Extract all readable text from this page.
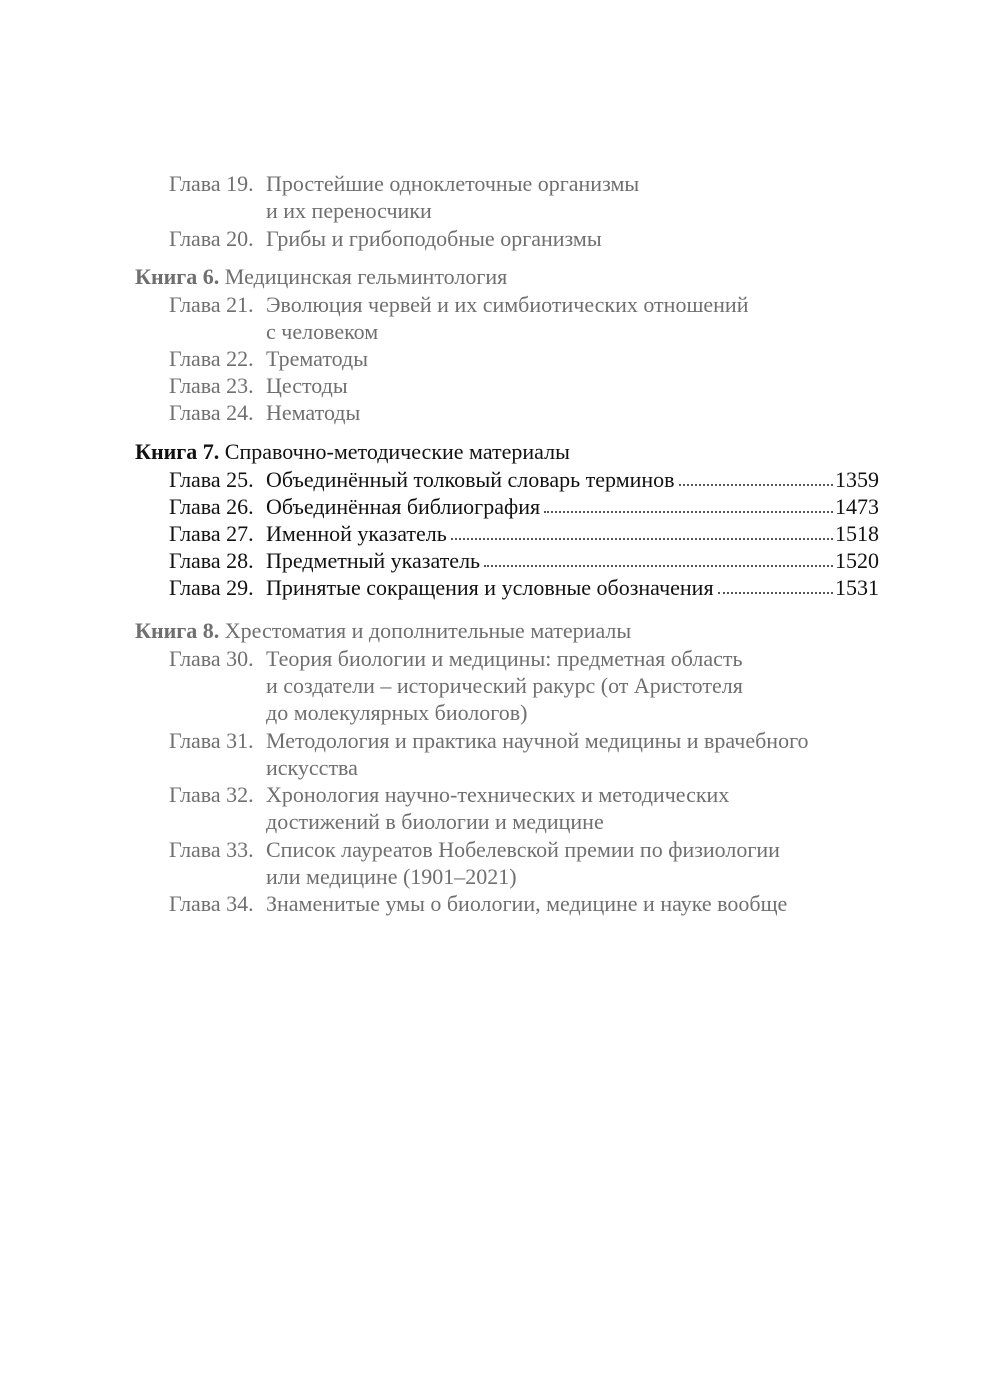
Глава 19. Простейшие одноклеточные организмы
и их переносчики
Глава 20. Грибы и грибоподобные организмы
Книга 6. Медицинская гельминтология
Глава 21. Эволюция червей и их симбиотических отношений
с человеком
Глава 22. Трематоды
Глава 23. Цестоды
Глава 24. Нематоды
Книга 7. Справочно-методические материалы
Глава 25. Объединённый толковый словарь терминов	1359
Глава 26. Объединённая библиография	1473
Глава 27. Именной указатель	1518
Глава 28. Предметный указатель	1520
Глава 29. Принятые сокращения и условные обозначения	1531
Книга 8. Хрестоматия и дополнительные материалы
Глава 30. Теория биологии и медицины: предметная область
и создатели – исторический ракурс (от Аристотеля
до молекулярных биологов)
Глава 31. Методология и практика научной медицины и врачебного
искусства
Глава 32. Хронология научно-технических и методических
достижений в биологии и медицине
Глава 33. Список лауреатов Нобелевской премии по физиологии
или медицине (1901–2021)
Глава 34. Знаменитые умы о биологии, медицине и науке вообще
